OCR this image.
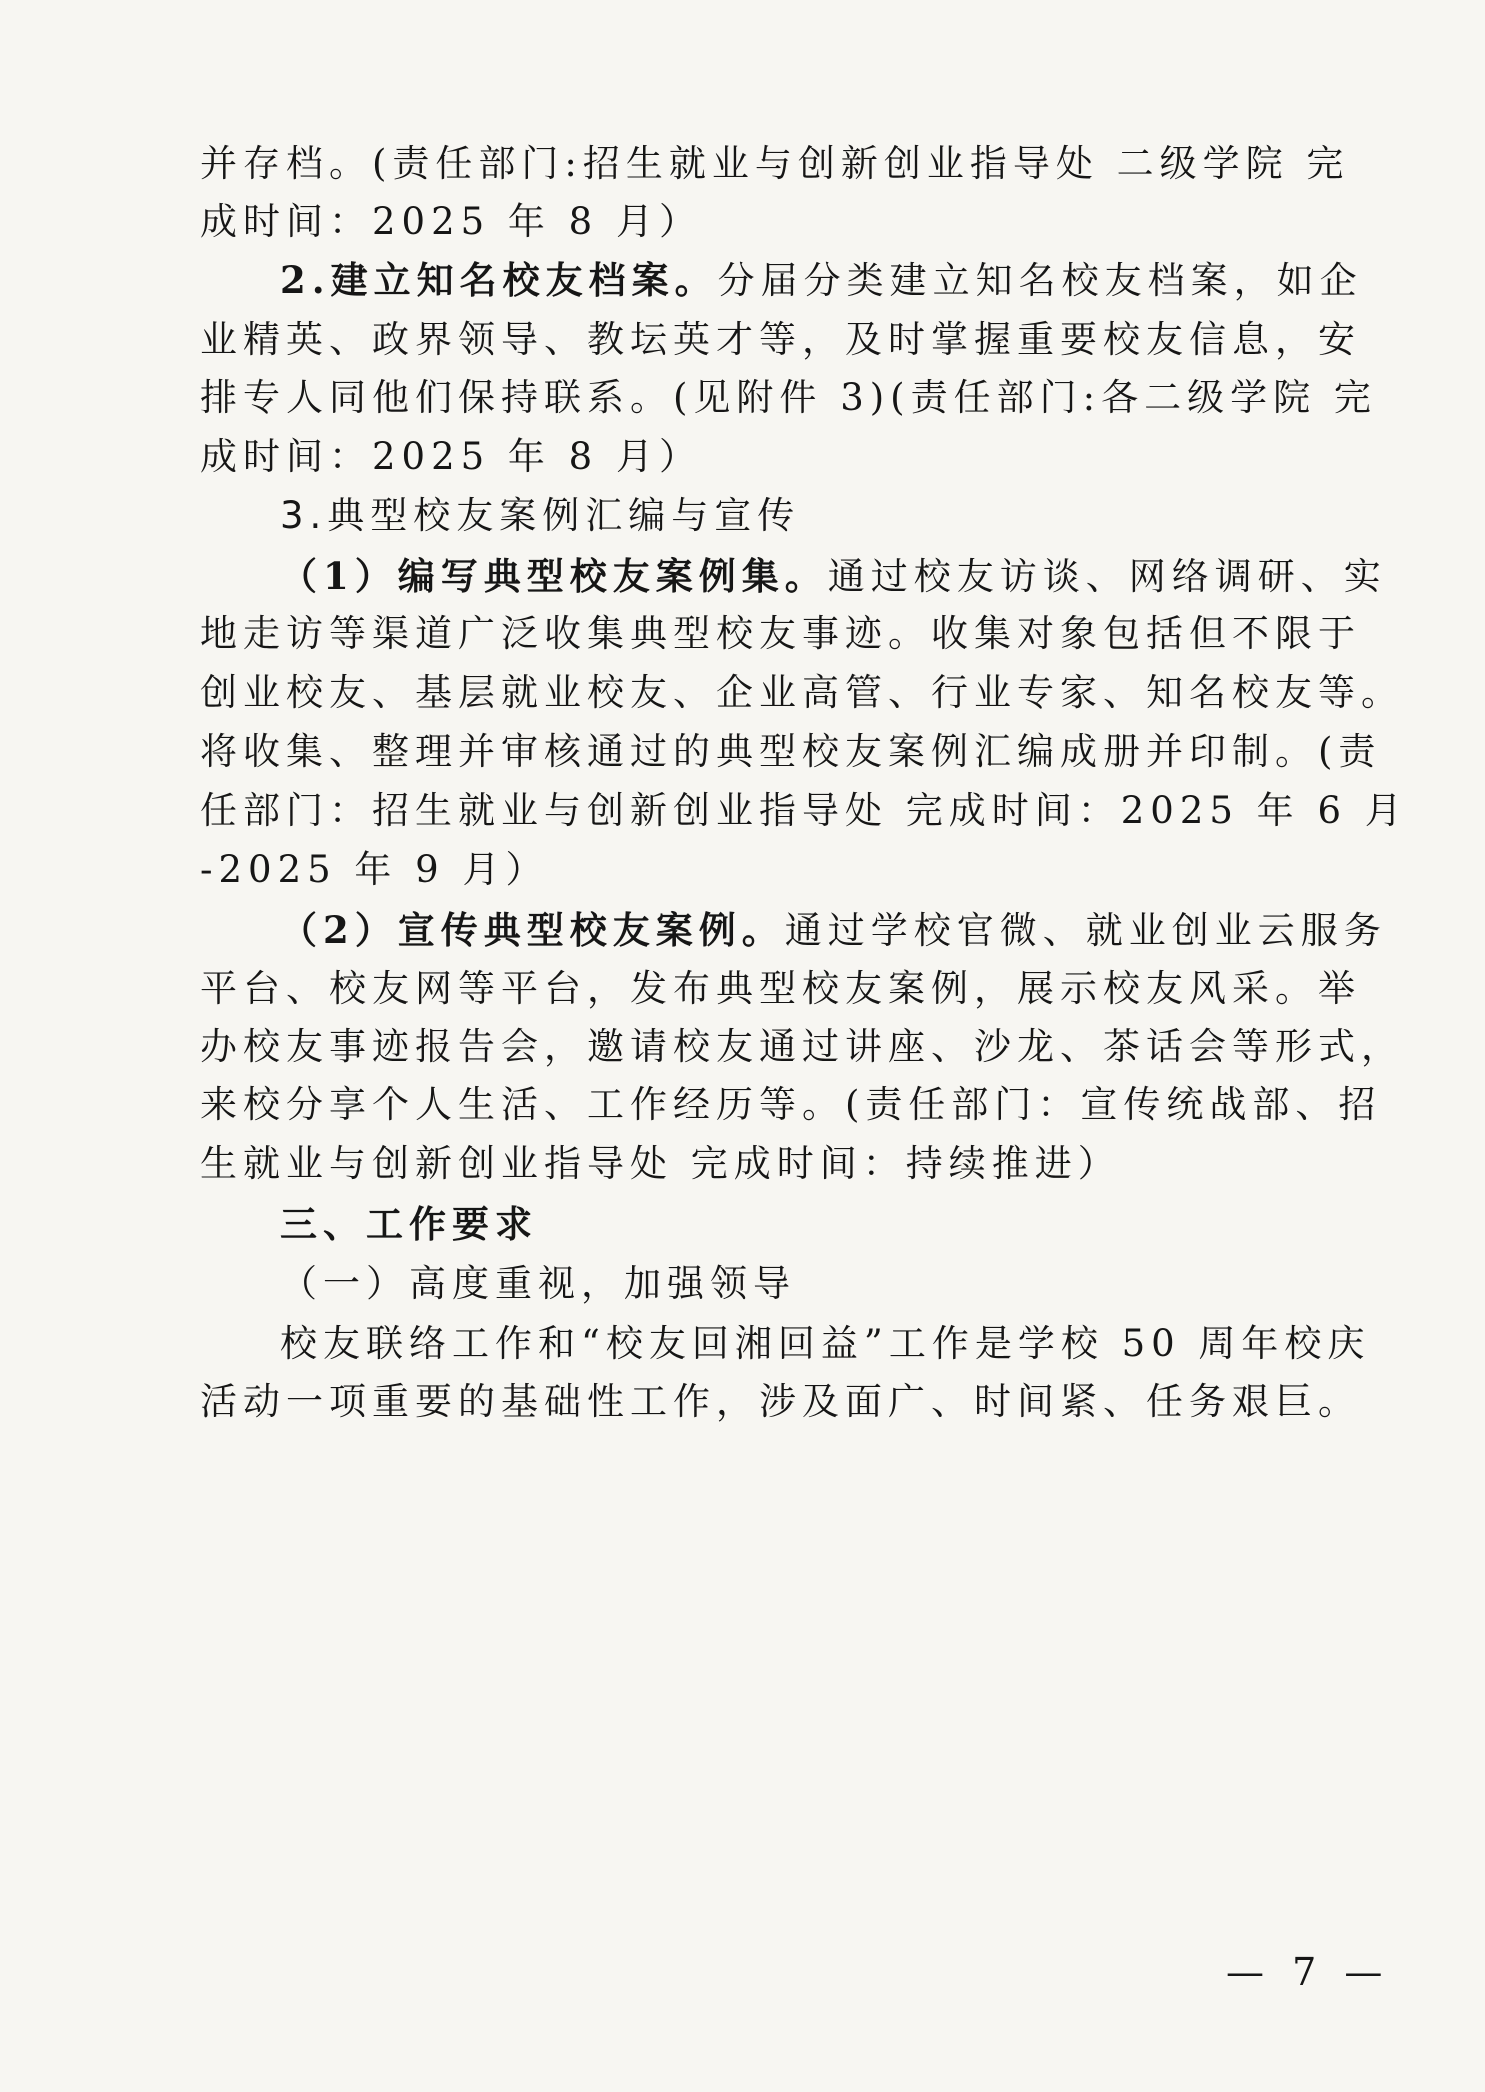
并存档。(责任部门:招生就业与创新创业指导处 二级学院 完
成时间：2025 年 8 月）
2.建立知名校友档案。分届分类建立知名校友档案，如企
业精英、政界领导、教坛英才等，及时掌握重要校友信息，安
排专人同他们保持联系。(见附件 3)(责任部门:各二级学院 完
成时间：2025 年 8 月）
3.典型校友案例汇编与宣传
（1）编写典型校友案例集。通过校友访谈、网络调研、实
地走访等渠道广泛收集典型校友事迹。收集对象包括但不限于
创业校友、基层就业校友、企业高管、行业专家、知名校友等。
将收集、整理并审核通过的典型校友案例汇编成册并印制。(责
任部门：招生就业与创新创业指导处 完成时间：2025 年 6 月
-2025 年 9 月）
（2）宣传典型校友案例。通过学校官微、就业创业云服务
平台、校友网等平台，发布典型校友案例，展示校友风采。举
办校友事迹报告会，邀请校友通过讲座、沙龙、茶话会等形式，
来校分享个人生活、工作经历等。(责任部门：宣传统战部、招
生就业与创新创业指导处 完成时间：持续推进）
三、工作要求
（一）高度重视，加强领导
校友联络工作和“校友回湘回益”工作是学校 50 周年校庆
活动一项重要的基础性工作，涉及面广、时间紧、任务艰巨。
— 7 —
